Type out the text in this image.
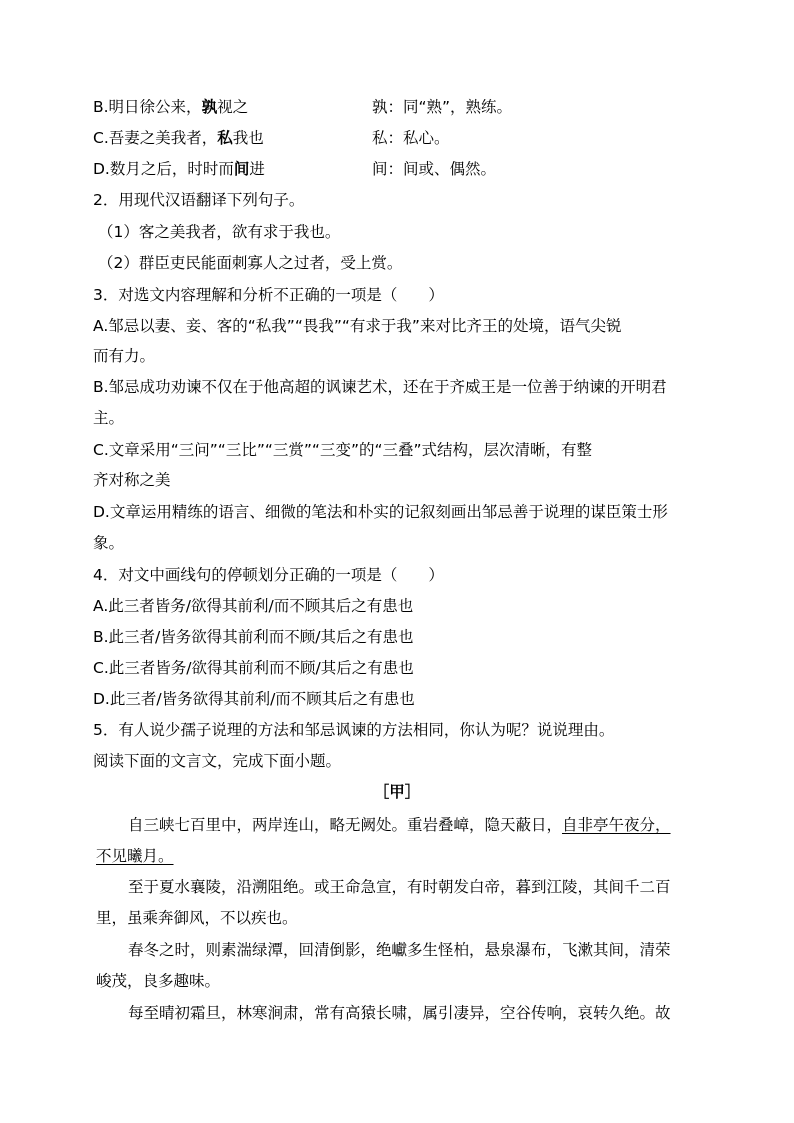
B.明日徐公来，孰视之	孰：同“熟”，熟练。
C.吾妻之美我者，私我也	私：私心。
D.数月之后，时时而间进	间：间或、偶然。
2．用现代汉语翻译下列句子。
（1）客之美我者，欲有求于我也。
（2）群臣吏民能面刺寡人之过者，受上赏。
3．对选文内容理解和分析不正确的一项是（　　）
A.邹忌以妻、妾、客的“私我”“畏我”“有求于我”来对比齐王的处境，语气尖锐
而有力。
B.邹忌成功劝谏不仅在于他高超的讽谏艺术，还在于齐威王是一位善于纳谏的开明君
主。
C.文章采用“三问”“三比”“三赏”“三变”的“三叠”式结构，层次清晰，有整
齐对称之美
D.文章运用精练的语言、细微的笔法和朴实的记叙刻画出邹忌善于说理的谋臣策士形
象。
4．对文中画线句的停顿划分正确的一项是（　　）
A.此三者皆务/欲得其前利/而不顾其后之有患也
B.此三者/皆务欲得其前利而不顾/其后之有患也
C.此三者皆务/欲得其前利而不顾/其后之有患也
D.此三者/皆务欲得其前利/而不顾其后之有患也
5．有人说少孺子说理的方法和邹忌讽谏的方法相同，你认为呢？说说理由。
阅读下面的文言文，完成下面小题。
［甲］
自三峡七百里中，两岸连山，略无阙处。重岩叠嶂，隐天蔽日，自非亭午夜分，
不见曦月。
至于夏水襄陵，沿溯阻绝。或王命急宣，有时朝发白帝，暮到江陵，其间千二百
里，虽乘奔御风，不以疾也。
春冬之时，则素湍绿潭，回清倒影，绝巘多生怪柏，悬泉瀑布，飞漱其间，清荣
峻茂，良多趣味。
每至晴初霜旦，林寒涧肃，常有高猿长啸，属引凄异，空谷传响，哀转久绝。故
